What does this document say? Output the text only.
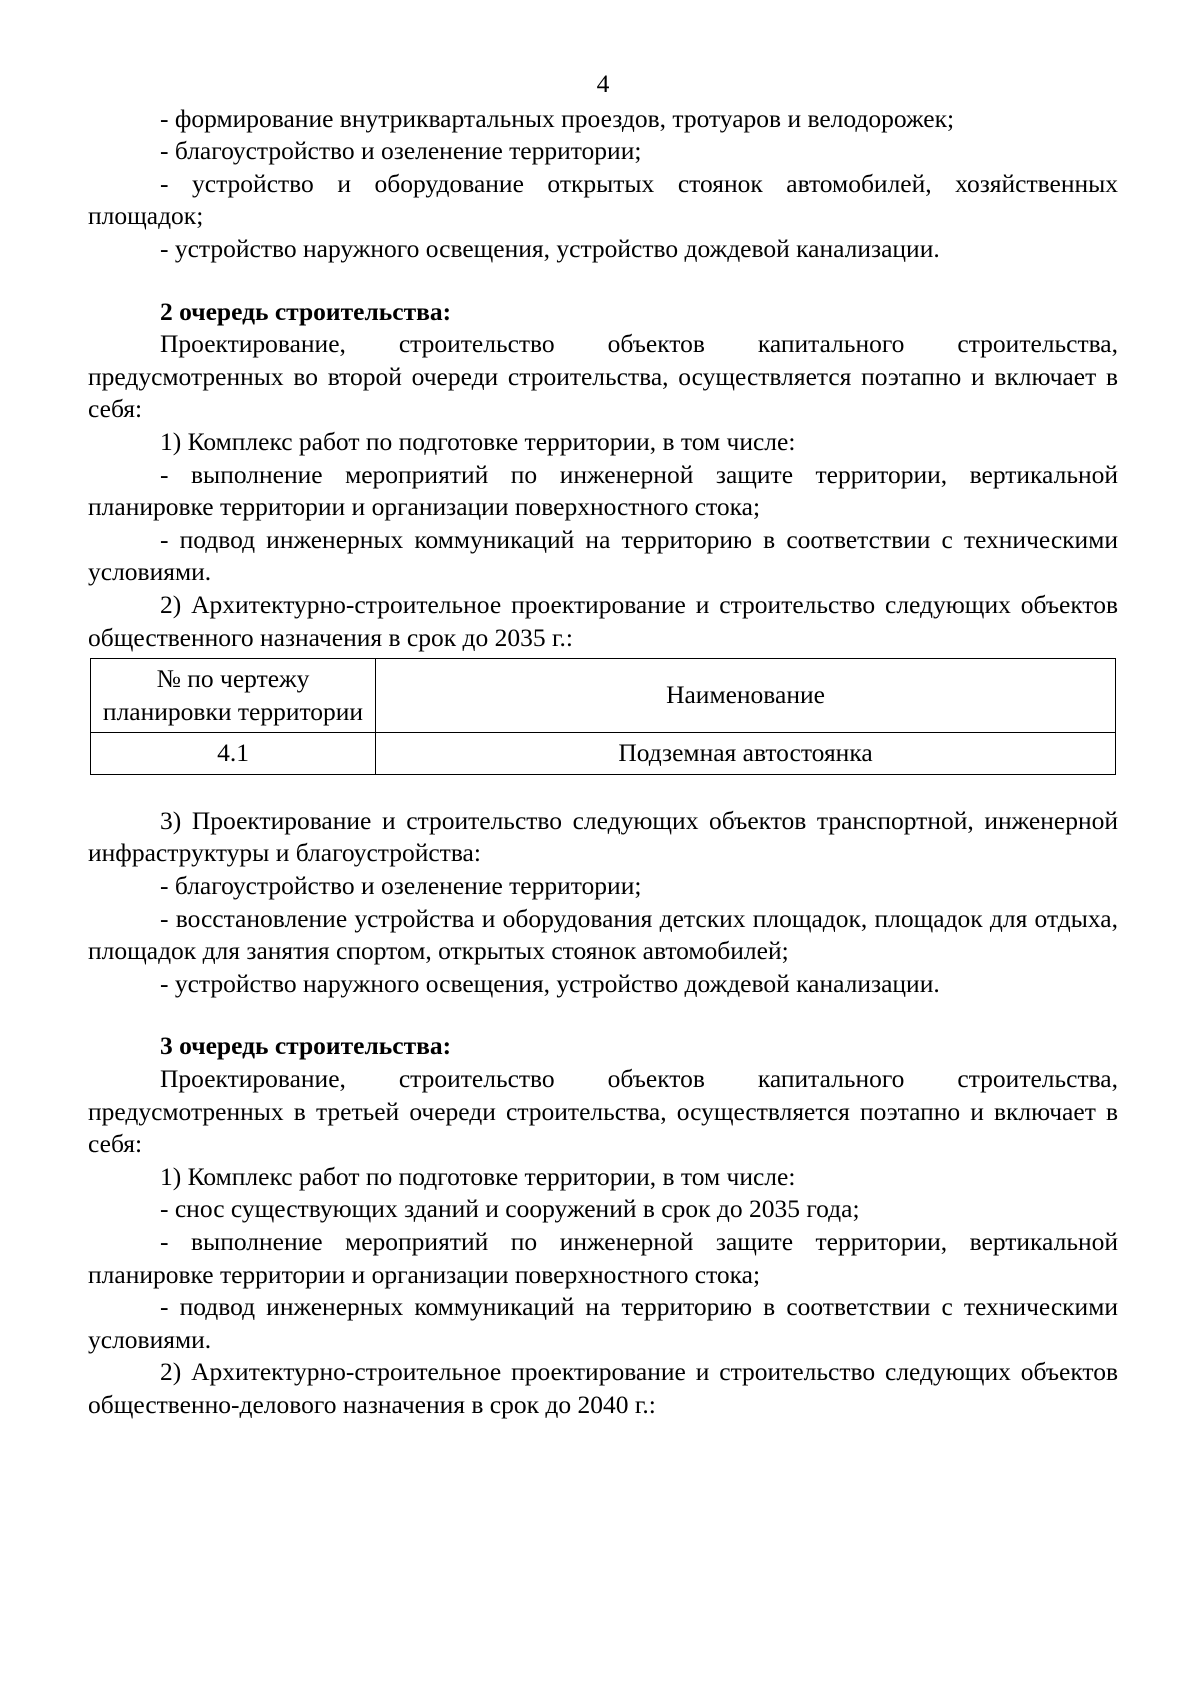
4

- формирование внутриквартальных проездов, тротуаров и велодорожек;

- благоустройство и озеленение территории;

- устройство и оборудование открытых стоянок автомобилей, хозяйственных площадок;

- устройство наружного освещения, устройство дождевой канализации.

2 очередь строительства:

Проектирование, строительство объектов капитального строительства, предусмотренных во второй очереди строительства, осуществляется поэтапно и включает в себя:

1) Комплекс работ по подготовке территории, в том числе:

- выполнение мероприятий по инженерной защите территории, вертикальной планировке территории и организации поверхностного стока;

- подвод инженерных коммуникаций на территорию в соответствии с техническими условиями.

2) Архитектурно-строительное проектирование и строительство следующих объектов общественного назначения в срок до 2035 г.:

№ по чертежу планировки территории	Наименование
4.1	Подземная автостоянка

3) Проектирование и строительство следующих объектов транспортной, инженерной инфраструктуры и благоустройства:

- благоустройство и озеленение территории;

- восстановление устройства и оборудования детских площадок, площадок для отдыха, площадок для занятия спортом, открытых стоянок автомобилей;

- устройство наружного освещения, устройство дождевой канализации.

3 очередь строительства:

Проектирование, строительство объектов капитального строительства, предусмотренных в третьей очереди строительства, осуществляется поэтапно и включает в себя:

1) Комплекс работ по подготовке территории, в том числе:

- снос существующих зданий и сооружений в срок до 2035 года;

- выполнение мероприятий по инженерной защите территории, вертикальной планировке территории и организации поверхностного стока;

- подвод инженерных коммуникаций на территорию в соответствии с техническими условиями.

2) Архитектурно-строительное проектирование и строительство следующих объектов общественно-делового назначения в срок до 2040 г.:
